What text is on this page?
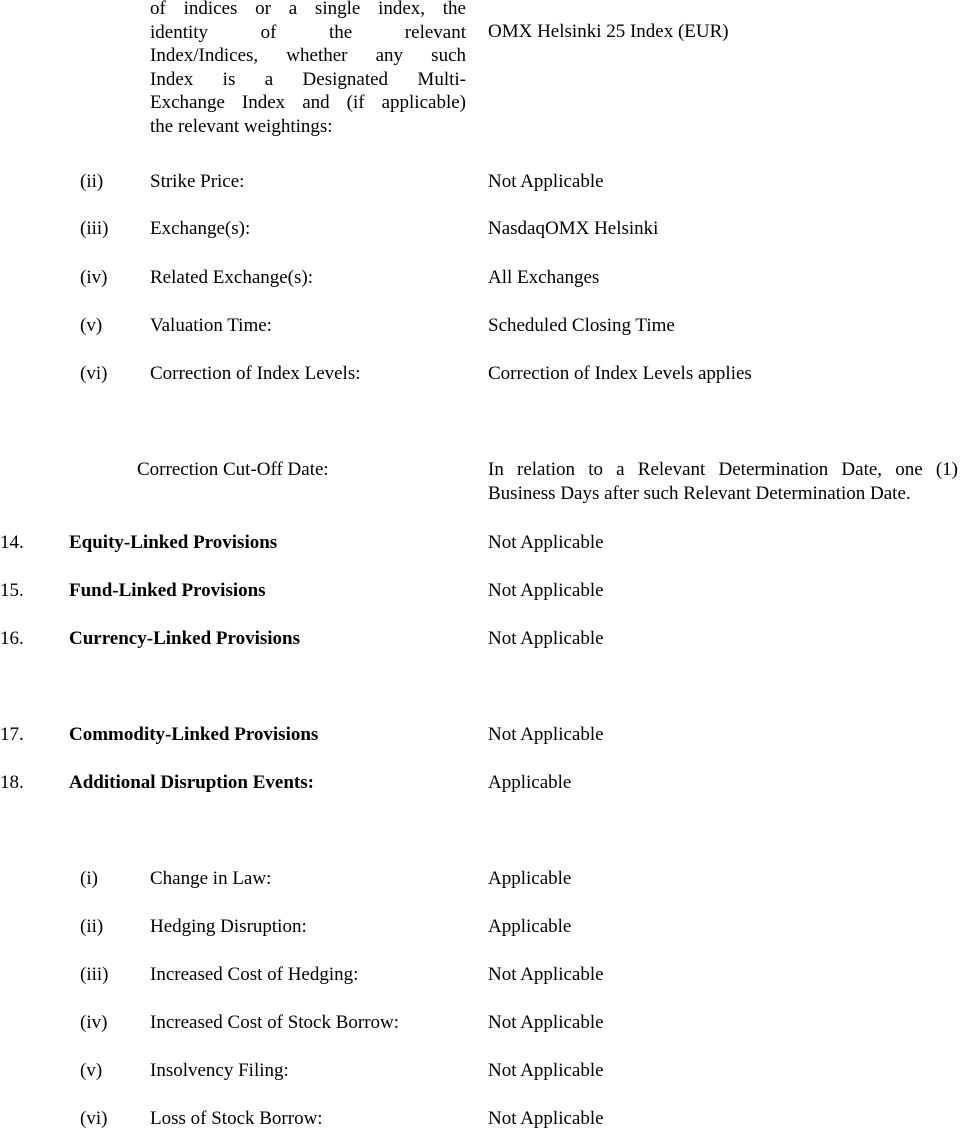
of indices or a single index, the
identity of the relevant
Index/Indices, whether any such
Index is a Designated Multi-
Exchange Index and (if applicable)
the relevant weightings:
OMX Helsinki 25 Index (EUR)
(ii) Strike Price:	Not Applicable
(iii) Exchange(s):	NasdaqOMX Helsinki
(iv) Related Exchange(s):	All Exchanges
(v)	Valuation Time:	Scheduled Closing Time
(vi) Correction of Index Levels:	Correction of Index Levels applies
Correction Cut-Off Date:	In relation to a Relevant Determination Date, one (1)
Business Days after such Relevant Determination Date.
14. Equity-Linked Provisions	Not Applicable
15. Fund-Linked Provisions	Not Applicable
16. Currency-Linked Provisions	Not Applicable
17. Commodity-Linked Provisions	Not Applicable
18. Additional Disruption Events:	Applicable
(i)	Change in Law:	Applicable
(ii) Hedging Disruption:	Applicable
(iii) Increased Cost of Hedging:	Not Applicable
(iv) Increased Cost of Stock Borrow:	Not Applicable
(v)	Insolvency Filing:	Not Applicable
(vi) Loss of Stock Borrow:	Not Applicable
